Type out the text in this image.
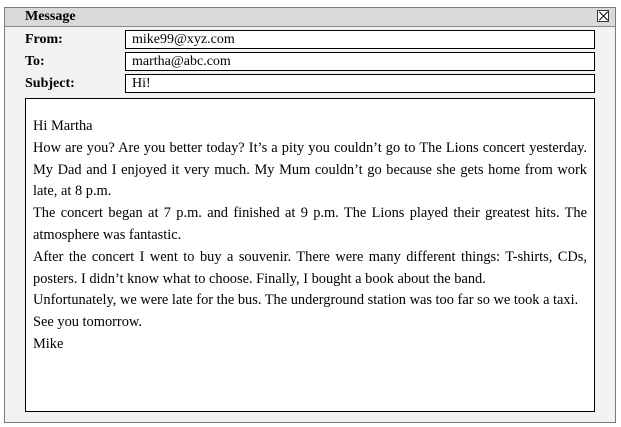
Message
From:	mike99@xyz.com
To:	martha@abc.com
Subject:	Hi!

Hi Martha

How are you? Are you better today? It’s a pity you couldn’t go to The Lions concert yesterday. My Dad and I enjoyed it very much. My Mum couldn’t go because she gets home from work late, at 8 p.m.

The concert began at 7 p.m. and finished at 9 p.m. The Lions played their greatest hits. The atmosphere was fantastic.

After the concert I went to buy a souvenir. There were many different things: T-shirts, CDs, posters. I didn’t know what to choose. Finally, I bought a book about the band.

Unfortunately, we were late for the bus. The underground station was too far so we took a taxi.

See you tomorrow.

Mike
